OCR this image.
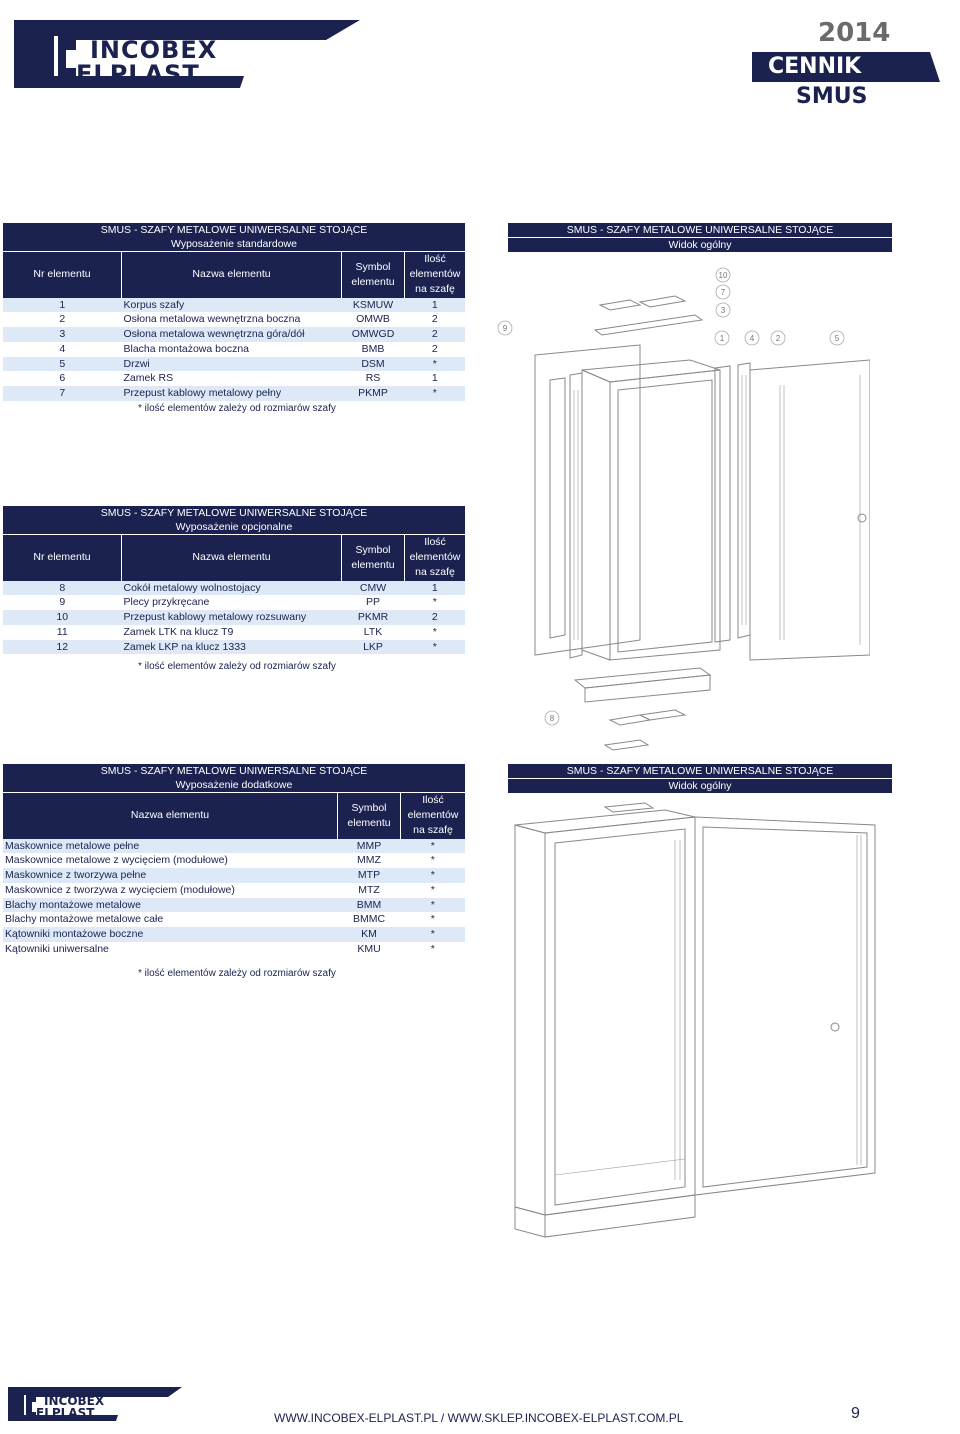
INCOBEX
ELPLAST
2014
CENNIK
SMUS
SMUS - SZAFY METALOWE UNIWERSALNE STOJĄCE			
Wyposażenie standardowe			
Nr elementu	Nazwa elementu	Symbol elementu	Ilość elementów na szafę
1	Korpus szafy	KSMUW	1
2	Osłona metalowa wewnętrzna boczna	OMWB	2
3	Osłona metalowa wewnętrzna góra/dół	OMWGD	2
4	Blacha montażowa boczna	BMB	2
5	Drzwi	DSM	*
6	Zamek RS	RS	1
7	Przepust kablowy metalowy pełny	PKMP	*
* ilość elementów zależy od rozmiarów szafy
SMUS - SZAFY METALOWE UNIWERSALNE STOJĄCE			
Wyposażenie opcjonalne			
Nr elementu	Nazwa elementu	Symbol elementu	Ilość elementów na szafę
8	Cokół metalowy wolnostojacy	CMW	1
9	Plecy przykręcane	PP	*
10	Przepust kablowy metalowy rozsuwany	PKMR	2
11	Zamek LTK na klucz T9	LTK	*
12	Zamek LKP na klucz 1333	LKP	*
* ilość elementów zależy od rozmiarów szafy
SMUS - SZAFY METALOWE UNIWERSALNE STOJĄCE		
Wyposażenie dodatkowe		
Nazwa elementu	Symbol elementu	Ilość elementów na szafę
Maskownice metalowe pełne	MMP	*
Maskownice metalowe z wycięciem (modułowe)	MMZ	*
Maskownice z tworzywa pełne	MTP	*
Maskownice z tworzywa z wycięciem (modułowe)	MTZ	*
Blachy montażowe metalowe	BMM	*
Blachy montażowe metalowe całe	BMMC	*
Kątowniki montażowe boczne	KM	*
Kątowniki uniwersalne	KMU	*
* ilość elementów zależy od rozmiarów szafy
SMUS - SZAFY METALOWE UNIWERSALNE STOJĄCE
Widok ogólny
10
7
3
9
1	4	2	5
8
SMUS - SZAFY METALOWE UNIWERSALNE STOJĄCE
Widok ogólny
INCOBEX
ELPLAST	WWW.INCOBEX-ELPLAST.PL / WWW.SKLEP.INCOBEX-ELPLAST.COM.PL	9
